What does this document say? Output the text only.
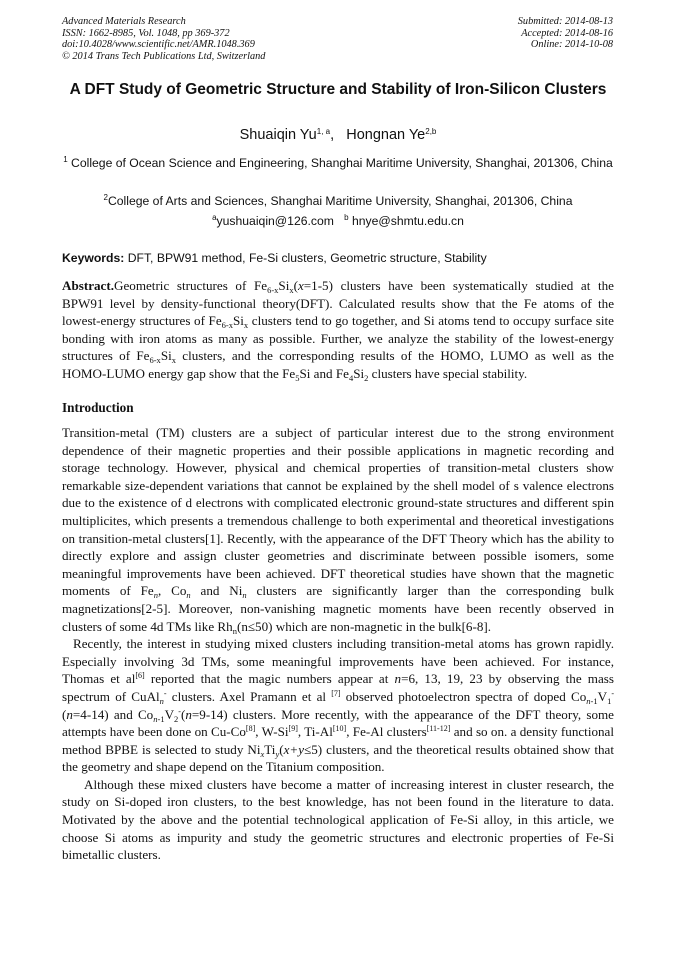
Advanced Materials Research
ISSN: 1662-8985, Vol. 1048, pp 369-372
doi:10.4028/www.scientific.net/AMR.1048.369
© 2014 Trans Tech Publications Ltd, Switzerland
Submitted: 2014-08-13
Accepted: 2014-08-16
Online: 2014-10-08
A DFT Study of Geometric Structure and Stability of Iron-Silicon Clusters
Shuaiqin Yu$^{1, a}$, Hongnan Ye$^{2,b}$
$^1$ College of Ocean Science and Engineering, Shanghai Maritime University, Shanghai, 201306, China
$^2$College of Arts and Sciences, Shanghai Maritime University, Shanghai, 201306, China
$^a$yushuaiqin@126.com $^b$ hnye@shmtu.edu.cn
Keywords: DFT, BPW91 method, Fe-Si clusters, Geometric structure, Stability
Abstract.Geometric structures of $Fe_{6-x}Si_x(x=1-5)$ clusters have been systematically studied at the BPW91 level by density-functional theory(DFT). Calculated results show that the Fe atoms of the lowest-energy structures of $Fe_{6-x}Si_x$ clusters tend to go together, and Si atoms tend to occupy surface site bonding with iron atoms as many as possible. Further, we analyze the stability of the lowest-energy structures of $Fe_{6-x}Si_x$ clusters, and the corresponding results of the HOMO, LUMO as well as the HOMO-LUMO energy gap show that the $Fe_5Si$ and $Fe_4Si_2$ clusters have special stability.
Introduction

Transition-metal (TM) clusters are a subject of particular interest due to the strong environment dependence of their magnetic properties and their possible applications in magnetic recording and storage technology. However, physical and chemical properties of transition-metal clusters show remarkable size-dependent variations that cannot be explained by the shell model of s valence electrons due to the existence of d electrons with complicated electronic ground-state structures and different spin multiplicites, which presents a tremendous challenge to both experimental and theoretical investigations on transition-metal clusters[1]. Recently, with the appearance of the DFT Theory which has the ability to directly explore and assign cluster geometries and discriminate between possible isomers, some meaningful improvements have been achieved. DFT theoretical studies have shown that the magnetic moments of $Fe_n$, $Co_n$ and $Ni_n$ clusters are significantly larger than the corresponding bulk magnetizations[2-5]. Moreover, non-vanishing magnetic moments have been recently observed in clusters of some 4d TMs like $Rh_n(n\le 50)$ which are non-magnetic in the bulk[6-8].

Recently, the interest in studying mixed clusters including transition-metal atoms has grown rapidly. Especially involving 3d TMs, some meaningful improvements have been achieved. For instance, Thomas et al[6] reported that the magic numbers appear at n=6, 13, 19, 23 by observing the mass spectrum of CuAl$_n$- clusters. Axel Pramann et al [7] observed photoelectron spectra of doped $Co_{n-1}V_1^-(n=4-14)$ and $Co_{n-1}V_2^-(n=9-14)$ clusters. More recently, with the appearance of the DFT theory, some attempts have been done on Cu-Co[8], W-Si[9], Ti-Al[10], Fe-Al clusters[11-12] and so on. a density functional method BPBE is selected to study $Ni_xTi_y(x+y\le 5)$ clusters, and the theoretical results obtained show that the geometry and shape depend on the Titanium composition.

Although these mixed clusters have become a matter of increasing interest in cluster research, the study on Si-doped iron clusters, to the best knowledge, has not been found in the literature to data. Motivated by the above and the potential technological application of Fe-Si alloy, in this article, we choose Si atoms as impurity and study the geometric structures and electronic properties of Fe-Si bimetallic clusters.
